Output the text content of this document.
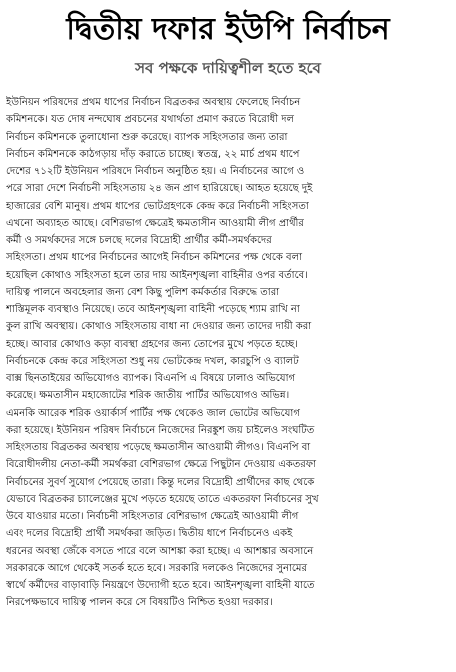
দ্বিতীয় দফার ইউপি নির্বাচন
সব পক্ষকে দায়িত্বশীল হতে হবে
ইউনিয়ন পরিষদের প্রথম ধাপের নির্বাচন বিব্রতকর অবস্থায় ফেলেছে নির্বাচন
কমিশনকে। যত দোষ নন্দঘোষ প্রবচনের যথার্থতা প্রমাণ করতে বিরোধী দল
নির্বাচন কমিশনকে তুলাধোনা শুরু করেছে। ব্যাপক সহিংসতার জন্য তারা
নির্বাচন কমিশনকে কাঠগড়ায় দাঁড় করাতে চাচ্ছে। স্বতন্ত্র, ২২ মার্চ প্রথম ধাপে
দেশের ৭১২টি ইউনিয়ন পরিষদে নির্বাচন অনুষ্ঠিত হয়। এ নির্বাচনের আগে ও
পরে সারা দেশে নির্বাচনী সহিংসতায় ২৪ জন প্রাণ হারিয়েছে। আহত হয়েছে দুই
হাজারের বেশি মানুষ। প্রথম ধাপের ভোটগ্রহণকে কেন্দ্র করে নির্বাচনী সহিংসতা
এখনো অব্যাহত আছে। বেশিরভাগ ক্ষেত্রেই ক্ষমতাসীন আওয়ামী লীগ প্রার্থীর
কর্মী ও সমর্থকদের সঙ্গে চলছে দলের বিদ্রোহী প্রার্থীর কর্মী-সমর্থকদের
সহিংসতা। প্রথম ধাপের নির্বাচনের আগেই নির্বাচন কমিশনের পক্ষ থেকে বলা
হয়েছিল কোথাও সহিংসতা হলে তার দায় আইনশৃঙ্খলা বাহিনীর ওপর বর্তাবে।
দায়িত্ব পালনে অবহেলার জন্য বেশ কিছু পুলিশ কর্মকর্তার বিরুদ্ধে তারা
শাস্তিমূলক ব্যবস্থাও নিয়েছে। তবে আইনশৃঙ্খলা বাহিনী পড়েছে শ্যাম রাখি না
কুল রাখি অবস্থায়। কোথাও সহিংসতায় বাধা না দেওয়ার জন্য তাদের দায়ী করা
হচ্ছে। আবার কোথাও কড়া ব্যবস্থা গ্রহণের জন্য তোপের মুখে পড়তে হচ্ছে।
নির্বাচনকে কেন্দ্র করে সহিংসতা শুধু নয় ভোটকেন্দ্র দখল, কারচুপি ও ব্যালট
বাক্স ছিনতাইয়ের অভিযোগও ব্যাপক। বিএনপি এ বিষয়ে ঢালাও অভিযোগ
করেছে। ক্ষমতাসীন মহাজোটের শরিক জাতীয় পার্টির অভিযোগও অভিন্ন।
এমনকি আরেক শরিক ওয়ার্কার্স পার্টির পক্ষ থেকেও জাল ভোটের অভিযোগ
করা হয়েছে। ইউনিয়ন পরিষদ নির্বাচনে নিজেদের নিরঙ্কুশ জয় চাইলেও সংঘটিত
সহিংসতায় বিব্রতকর অবস্থায় পড়েছে ক্ষমতাসীন আওয়ামী লীগও। বিএনপি বা
বিরোধীদলীয় নেতা-কর্মী সমর্থকরা বেশিরভাগ ক্ষেত্রে পিছুটান দেওয়ায় একতরফা
নির্বাচনের সুবর্ণ সুযোগ পেয়েছে তারা। কিন্তু দলের বিদ্রোহী প্রার্থীদের কাছ থেকে
যেভাবে বিব্রতকর চ্যালেঞ্জের মুখে পড়তে হয়েছে তাতে একতরফা নির্বাচনের সুখ
উবে যাওয়ার মতো। নির্বাচনী সহিংসতার বেশিরভাগ ক্ষেত্রেই আওয়ামী লীগ
এবং দলের বিদ্রোহী প্রার্থী সমর্থকরা জড়িত। দ্বিতীয় ধাপে নির্বাচনেও একই
ধরনের অবস্থা জেঁকে বসতে পারে বলে আশঙ্কা করা হচ্ছে। এ আশঙ্কার অবসানে
সরকারকে আগে থেকেই সতর্ক হতে হবে। সরকারি দলকেও নিজেদের সুনামের
স্বার্থে কর্মীদের বাড়াবাড়ি নিয়ন্ত্রণে উদ্যোগী হতে হবে। আইনশৃঙ্খলা বাহিনী যাতে
নিরপেক্ষভাবে দায়িত্ব পালন করে সে বিষয়টিও নিশ্চিত হওয়া দরকার।
